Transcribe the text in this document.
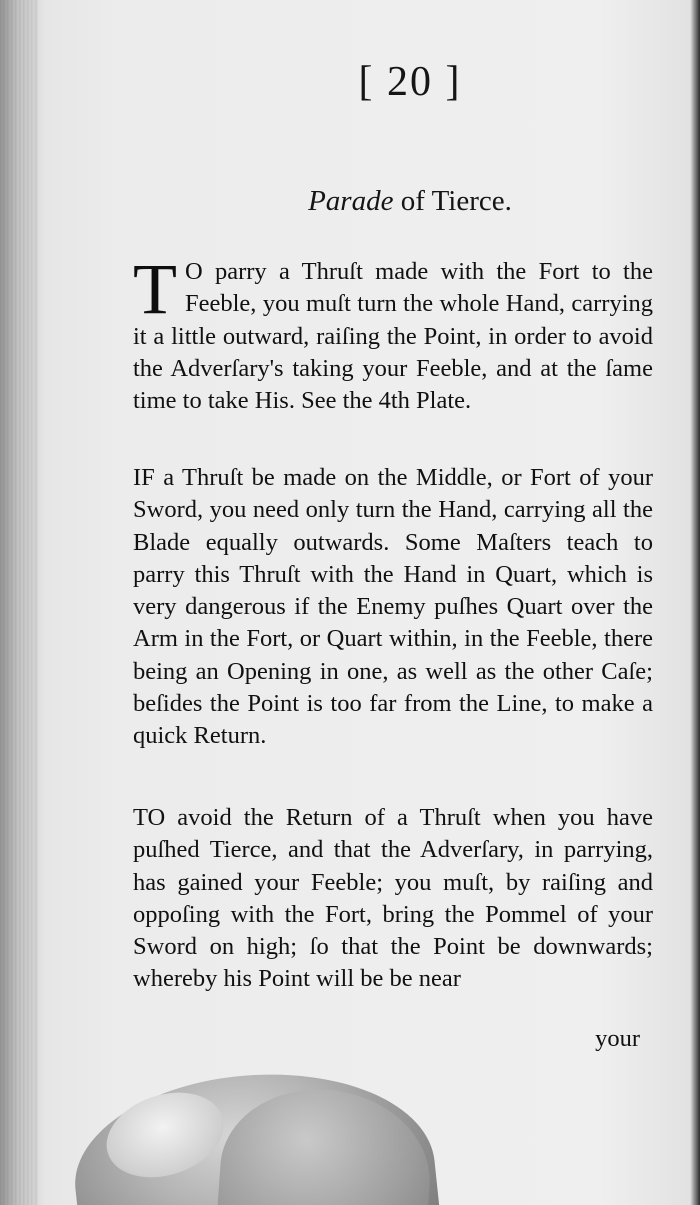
[ 20 ]
Parade of Tierce.
T O parry a Thruſt made with the Fort to the Feeble, you muſt turn the whole Hand, carrying it a little outward, raiſing the Point, in order to avoid the Adverſary's taking your Feeble, and at the ſame time to take His. See the 4th Plate.
IF a Thruſt be made on the Middle, or Fort of your Sword, you need only turn the Hand, carrying all the Blade equally outwards. Some Maſters teach to parry this Thruſt with the Hand in Quart, which is very dangerous if the Enemy puſhes Quart over the Arm in the Fort, or Quart within, in the Feeble, there being an Opening in one, as well as the other Caſe; beſides the Point is too far from the Line, to make a quick Return.
TO avoid the Return of a Thruſt when you have puſhed Tierce, and that the Adverſary, in parrying, has gained your Feeble; you muſt, by raiſing and oppoſing with the Fort, bring the Pommel of your Sword on high; ſo that the Point be downwards; whereby his Point will be be near
your
